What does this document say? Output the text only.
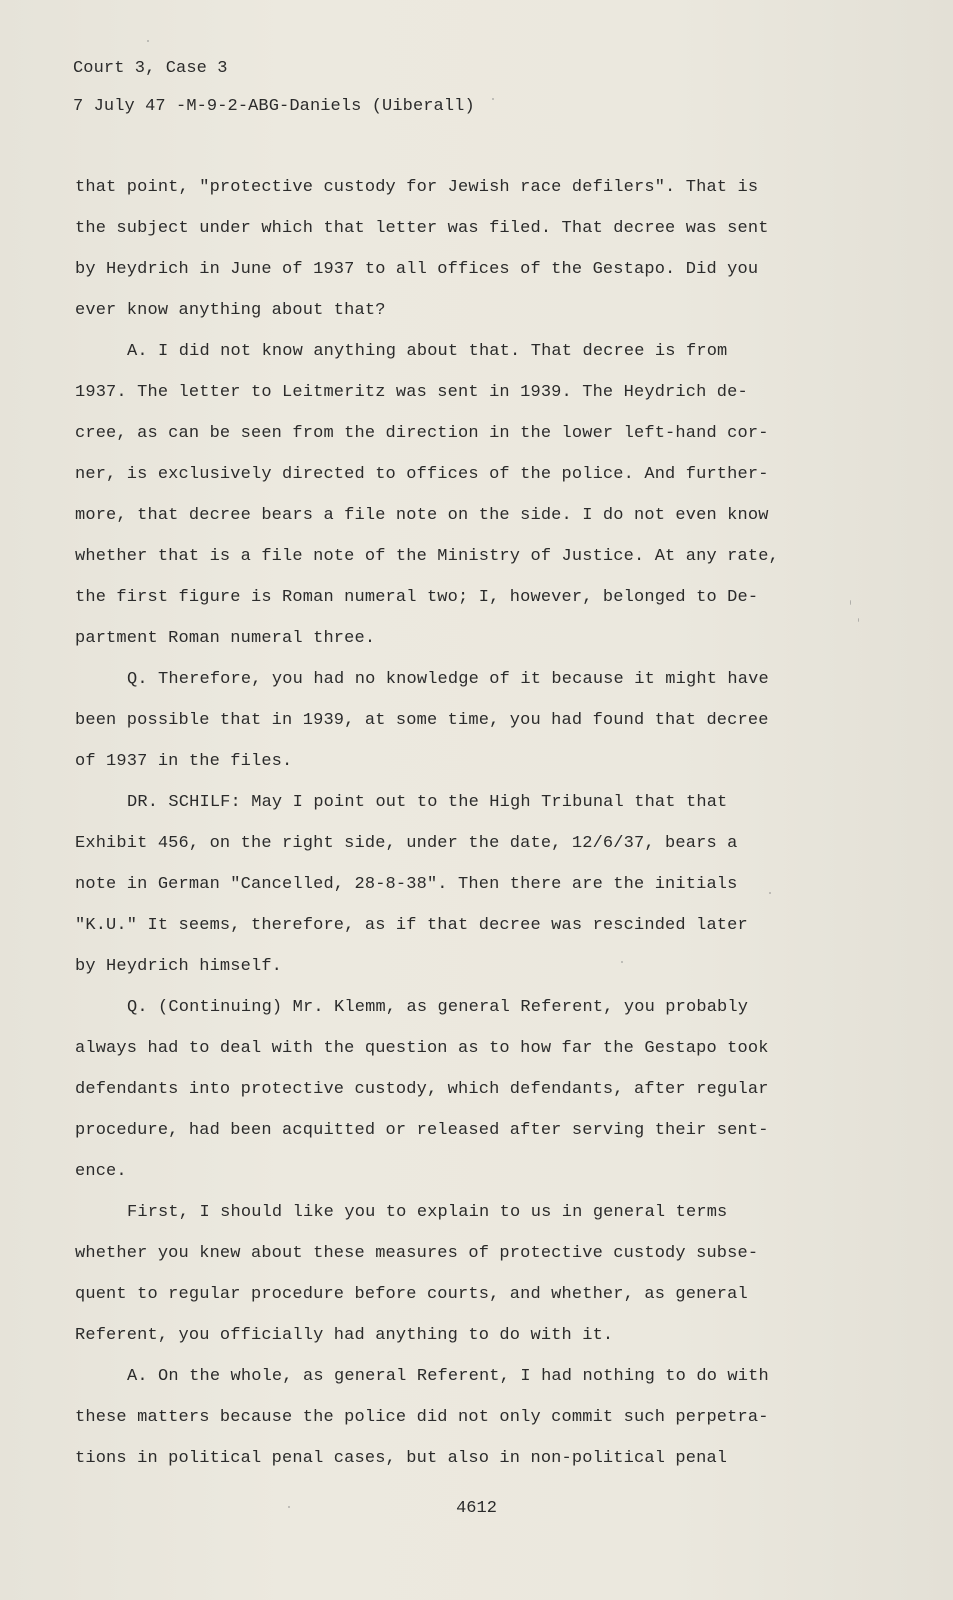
Court 3, Case 3
7 July 47 -M-9-2-ABG-Daniels (Uiberall)
that point, "protective custody for Jewish race defilers". That is
the subject under which that letter was filed. That decree was sent
by Heydrich in June of 1937 to all offices of the Gestapo. Did you
ever know anything about that?
A. I did not know anything about that. That decree is from
1937. The letter to Leitmeritz was sent in 1939. The Heydrich de-
cree, as can be seen from the direction in the lower left-hand cor-
ner, is exclusively directed to offices of the police. And further-
more, that decree bears a file note on the side. I do not even know
whether that is a file note of the Ministry of Justice. At any rate,
the first figure is Roman numeral two; I, however, belonged to De-
partment Roman numeral three.
Q. Therefore, you had no knowledge of it because it might have
been possible that in 1939, at some time, you had found that decree
of 1937 in the files.
DR. SCHILF: May I point out to the High Tribunal that that
Exhibit 456, on the right side, under the date, 12/6/37, bears a
note in German "Cancelled, 28-8-38". Then there are the initials
"K.U." It seems, therefore, as if that decree was rescinded later
by Heydrich himself.
Q. (Continuing) Mr. Klemm, as general Referent, you probably
always had to deal with the question as to how far the Gestapo took
defendants into protective custody, which defendants, after regular
procedure, had been acquitted or released after serving their sent-
ence.
First, I should like you to explain to us in general terms
whether you knew about these measures of protective custody subse-
quent to regular procedure before courts, and whether, as general
Referent, you officially had anything to do with it.
A. On the whole, as general Referent, I had nothing to do with
these matters because the police did not only commit such perpetra-
tions in political penal cases, but also in non-political penal
4612
